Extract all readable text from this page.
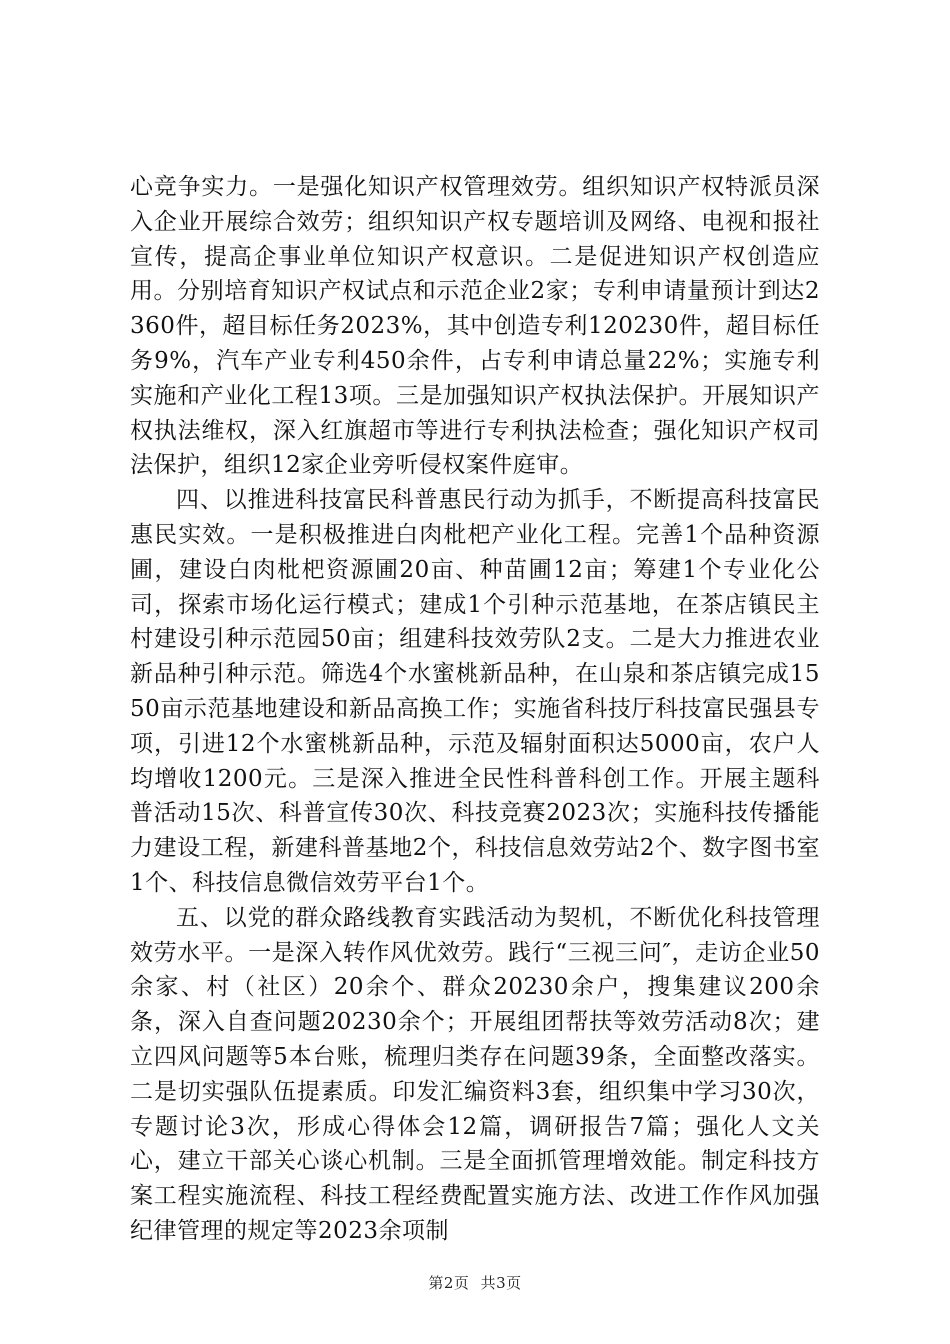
心竞争实力。一是强化知识产权管理效劳。组织知识产权特派员深入企业开展综合效劳；组织知识产权专题培训及网络、电视和报社宣传，提高企事业单位知识产权意识。二是促进知识产权创造应用。分别培育知识产权试点和示范企业2家；专利申请量预计到达2360件，超目标任务2023%，其中创造专利120230件，超目标任务9%，汽车产业专利450余件，占专利申请总量22%；实施专利实施和产业化工程13项。三是加强知识产权执法保护。开展知识产权执法维权，深入红旗超市等进行专利执法检查；强化知识产权司法保护，组织12家企业旁听侵权案件庭审。

四、以推进科技富民科普惠民行动为抓手，不断提高科技富民惠民实效。一是积极推进白肉枇杷产业化工程。完善1个品种资源圃，建设白肉枇杷资源圃20亩、种苗圃12亩；筹建1个专业化公司，探索市场化运行模式；建成1个引种示范基地，在茶店镇民主村建设引种示范园50亩；组建科技效劳队2支。二是大力推进农业新品种引种示范。筛选4个水蜜桃新品种，在山泉和茶店镇完成1550亩示范基地建设和新品高换工作；实施省科技厅科技富民强县专项，引进12个水蜜桃新品种，示范及辐射面积达5000亩，农户人均增收1200元。三是深入推进全民性科普科创工作。开展主题科普活动15次、科普宣传30次、科技竞赛2023次；实施科技传播能力建设工程，新建科普基地2个，科技信息效劳站2个、数字图书室1个、科技信息微信效劳平台1个。

五、以党的群众路线教育实践活动为契机，不断优化科技管理效劳水平。一是深入转作风优效劳。践行“三视三问″，走访企业50余家、村（社区）20余个、群众20230余户，搜集建议200余条，深入自查问题20230余个；开展组团帮扶等效劳活动8次；建立四风问题等5本台账，梳理归类存在问题39条，全面整改落实。二是切实强队伍提素质。印发汇编资料3套，组织集中学习30次，专题讨论3次，形成心得体会12篇，调研报告7篇；强化人文关心，建立干部关心谈心机制。三是全面抓管理增效能。制定科技方案工程实施流程、科技工程经费配置实施方法、改进工作作风加强纪律管理的规定等2023余项制

第2页 共3页
